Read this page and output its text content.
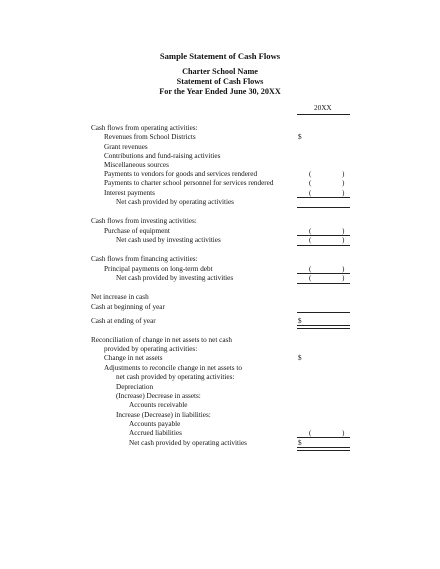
Sample Statement of Cash Flows
Charter School Name
Statement of Cash Flows
For the Year Ended June 30, 20XX
20XX
Cash flows from operating activities:
Revenues from School Districts	$
Grant revenues
Contributions and fund-raising activities
Miscellaneous sources
Payments to vendors for goods and services rendered	(	)
Payments to charter school personnel for services rendered	(	)
Interest payments	(	)
Net cash provided by operating activities
Cash flows from investing activities:
Purchase of equipment	(	)
Net cash used by investing activities	(	)
Cash flows from financing activities:
Principal payments on long-term debt	(	)
Net cash provided by investing activities	(	)
Net increase in cash
Cash at beginning of year
Cash at ending of year	$
Reconciliation of change in net assets to net cash
provided by operating activities:
Change in net assets	$
Adjustments to reconcile change in net assets to
net cash provided by operating activities:
Depreciation
(Increase) Decrease in assets:
Accounts receivable
Increase (Decrease) in liabilities:
Accounts payable
Accrued liabilities	(	)
Net cash provided by operating activities	$
